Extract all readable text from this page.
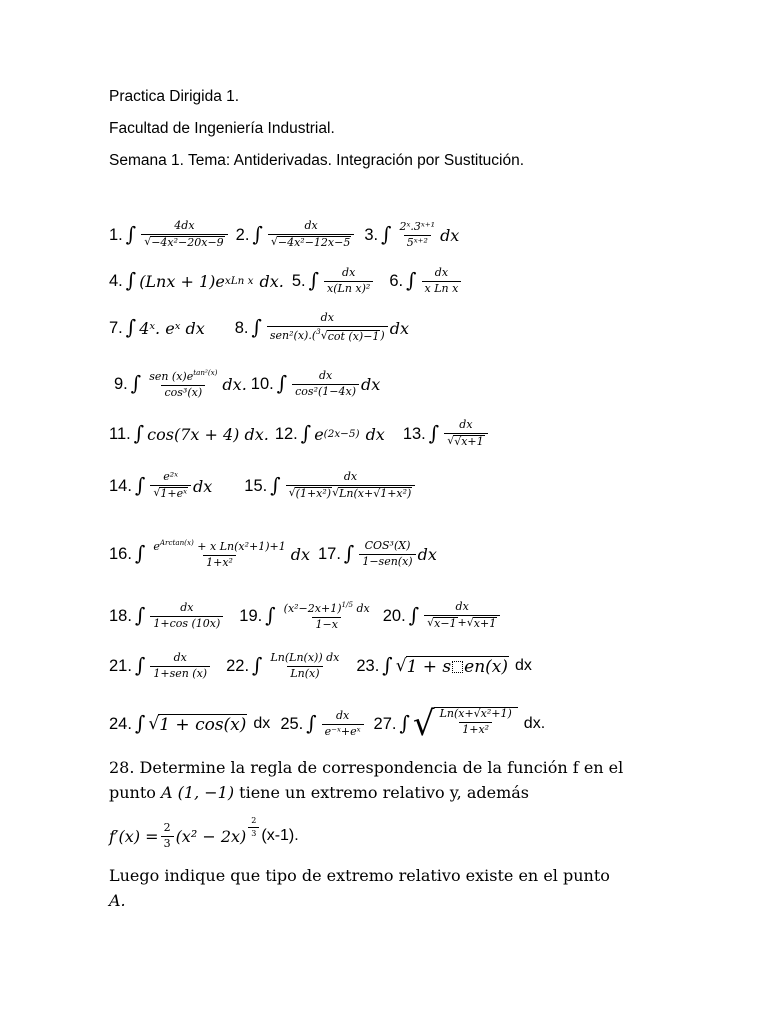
Practica Dirigida 1.
Facultad de Ingeniería Industrial.
Semana 1. Tema: Antiderivadas. Integración por Sustitución.
1. ∫ $\frac{4dx}{\text{√ −4x²−20x−9}} 2$. ∫ $\frac{dx}{\text{√ −4x²−12x−5}} 3$. ∫ $\frac{\text{2ˣ.3ˣ⁺¹}}{\text{5ˣ⁺²}}$ dx
4. ∫ (Lnx + 1)e xLn x dx. 5. ∫ $\frac{dx}{\text{x(Ln x)²}} 6$. ∫ $\frac{dx}{\text{x Ln x}}$
7. ∫ 4ˣ. eˣ dx 8. ∫ $\frac{dx}{sen^2(x).(^3 √ \cot (x)-1 )}$ dx
9. ∫ $\frac{sen (x)e^{tan^2(x)}}{\text{cos³(x)}}$ dx. 10. ∫ $\frac{dx}{\text{cos²(1−4x)}}$ dx
11. ∫ cos(7x + 4) dx. 12. ∫ e (2x−5) dx 13. ∫ $\frac{dx}{√ √x+1}$
14. ∫ $\frac{\text{e²ˣ}}{\text{√ 1+eˣ}}$ dx 15. ∫ $\frac{dx}{\text{√ (1+x²) √ Ln(x+√1+x²)}}$
16. ∫ $\frac{e^{Arctan(x)} + x Ln(x^2+1)+1}{\text{1+x²}}$ dx 17. ∫ $\frac{\text{COS³(X)}}{\text{1−sen(x)}}$ dx
18. ∫ $\frac{dx}{1+\cos (10x)} 19$. ∫ $\frac{(x^2-2x+1)^{1/5} dx}{1-x} 20$. ∫ $\frac{dx}{√ x-1 + √ x+1}$
21. ∫ $\frac{dx}{\text{1+sen (x)}} 22$. ∫ $\frac{Ln(Ln(x)) dx}{Ln(x)} 23$. ∫ √ 1 + s en(x) dx
24. ∫ √ 1 + cos(x) dx 25. ∫ $\frac{dx}{\text{e⁻ˣ+eˣ}} 27$. ∫ √ $\frac{\text{Ln(x+√x²+1)}}{\text{1+x²}}$ dx.
28. Determine la regla de correspondencia de la función f en el
punto A (1, −1) tiene un extremo relativo y, además
$f'(x) = \frac{2}{3} (x^2 - 2x) \frac{2}{3} (x-1)$.
Luego indique que tipo de extremo relativo existe en el punto
A.
